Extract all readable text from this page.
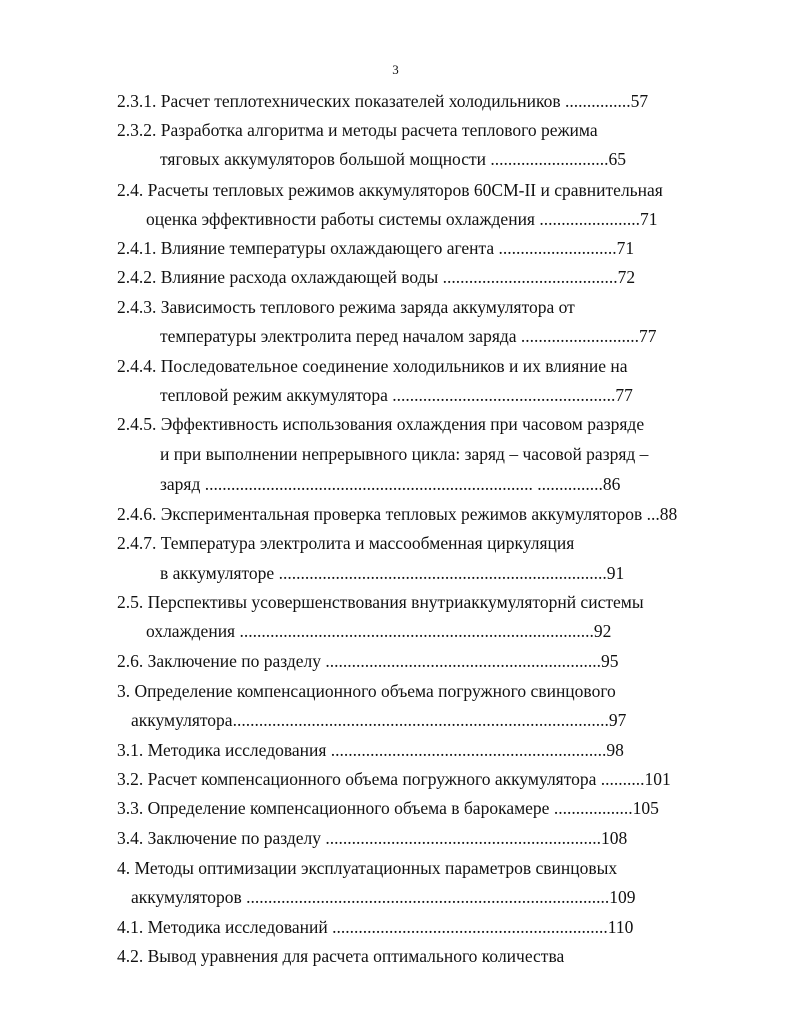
3
2.3.1. Расчет теплотехнических показателей холодильников ...............57
2.3.2. Разработка алгоритма и методы расчета теплового режима
тяговых аккумуляторов большой мощности ...........................65
2.4. Расчеты тепловых режимов аккумуляторов 60СМ-II и сравнительная
оценка эффективности работы системы охлаждения .......................71
2.4.1. Влияние температуры охлаждающего агента ...........................71
2.4.2. Влияние расхода охлаждающей воды ........................................72
2.4.3. Зависимость теплового режима заряда аккумулятора от
температуры электролита перед началом заряда ...........................77
2.4.4. Последовательное соединение холодильников и их влияние на
тепловой режим аккумулятора ...................................................77
2.4.5. Эффективность использования охлаждения при часовом разряде
и при выполнении непрерывного цикла: заряд – часовой разряд –
заряд ........................................................................... ...............86
2.4.6. Экспериментальная проверка тепловых режимов аккумуляторов ...88
2.4.7. Температура электролита и массообменная циркуляция
в аккумуляторе ...........................................................................91
2.5. Перспективы усовершенствования внутриаккумуляторнй системы
охлаждения .................................................................................92
2.6. Заключение по разделу ...............................................................95
3. Определение компенсационного объема погружного свинцового
аккумулятора......................................................................................97
3.1. Методика исследования ...............................................................98
3.2. Расчет компенсационного объема погружного аккумулятора ..........101
3.3. Определение компенсационного объема в барокамере ..................105
3.4. Заключение по разделу ...............................................................108
4. Методы оптимизации эксплуатационных параметров свинцовых
аккумуляторов ...................................................................................109
4.1. Методика исследований ...............................................................110
4.2. Вывод уравнения для расчета оптимального количества
